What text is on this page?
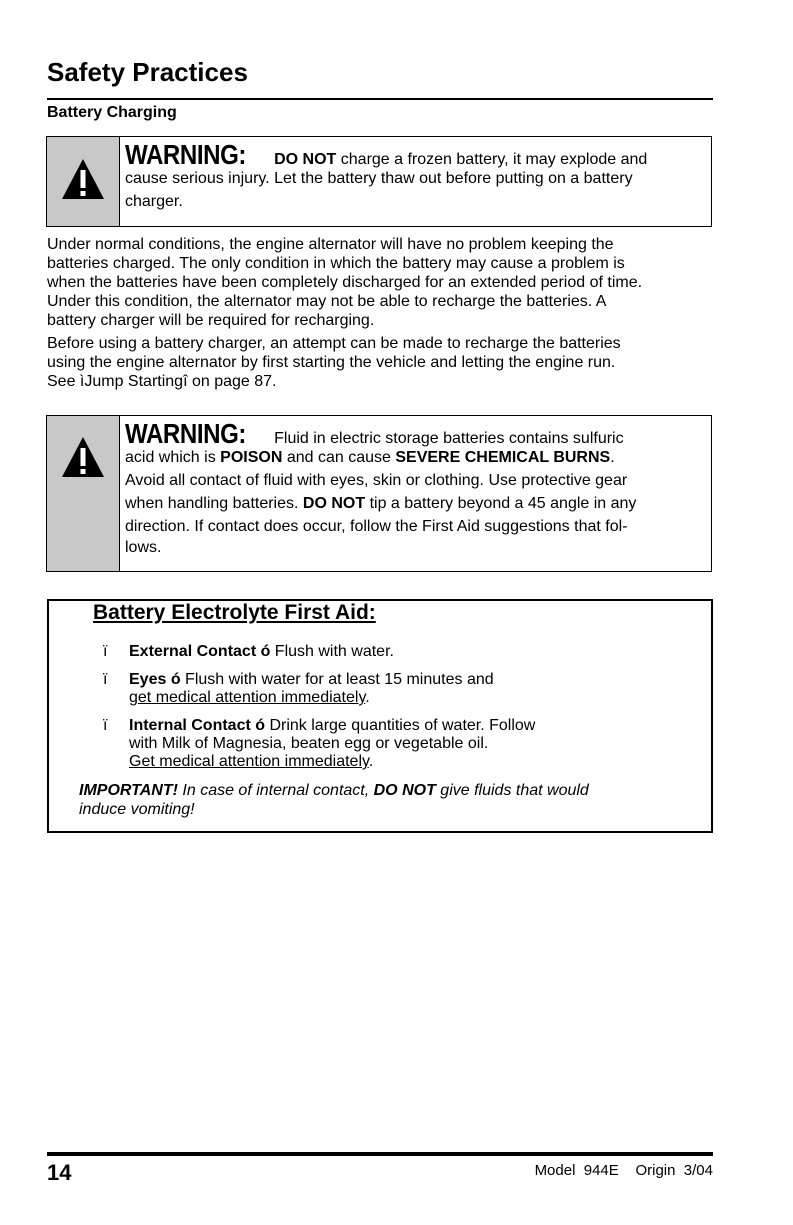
Safety Practices
Battery Charging
WARNING: DO NOT charge a frozen battery, it may explode and
cause serious injury. Let the battery thaw out before putting on a battery
charger.
Under normal conditions, the engine alternator will have no problem keeping the
batteries charged. The only condition in which the battery may cause a problem is
when the batteries have been completely discharged for an extended period of time.
Under this condition, the alternator may not be able to recharge the batteries. A
battery charger will be required for recharging.
Before using a battery charger, an attempt can be made to recharge the batteries
using the engine alternator by first starting the vehicle and letting the engine run.
See ìJump Startingî on page 87.
WARNING: Fluid in electric storage batteries contains sulfuric
acid which is POISON and can cause SEVERE CHEMICAL BURNS.
Avoid all contact of fluid with eyes, skin or clothing. Use protective gear
when handling batteries. DO NOT tip a battery beyond a 45 angle in any
direction. If contact does occur, follow the First Aid suggestions that fol-
lows.
Battery Electrolyte First Aid:
ï External Contact ó Flush with water.
ï Eyes ó Flush with water for at least 15 minutes and
get medical attention immediately.
ï Internal Contact ó Drink large quantities of water. Follow
with Milk of Magnesia, beaten egg or vegetable oil.
Get medical attention immediately.
IMPORTANT! In case of internal contact, DO NOT give fluids that would
induce vomiting!
14	Model  944E    Origin  3/04
